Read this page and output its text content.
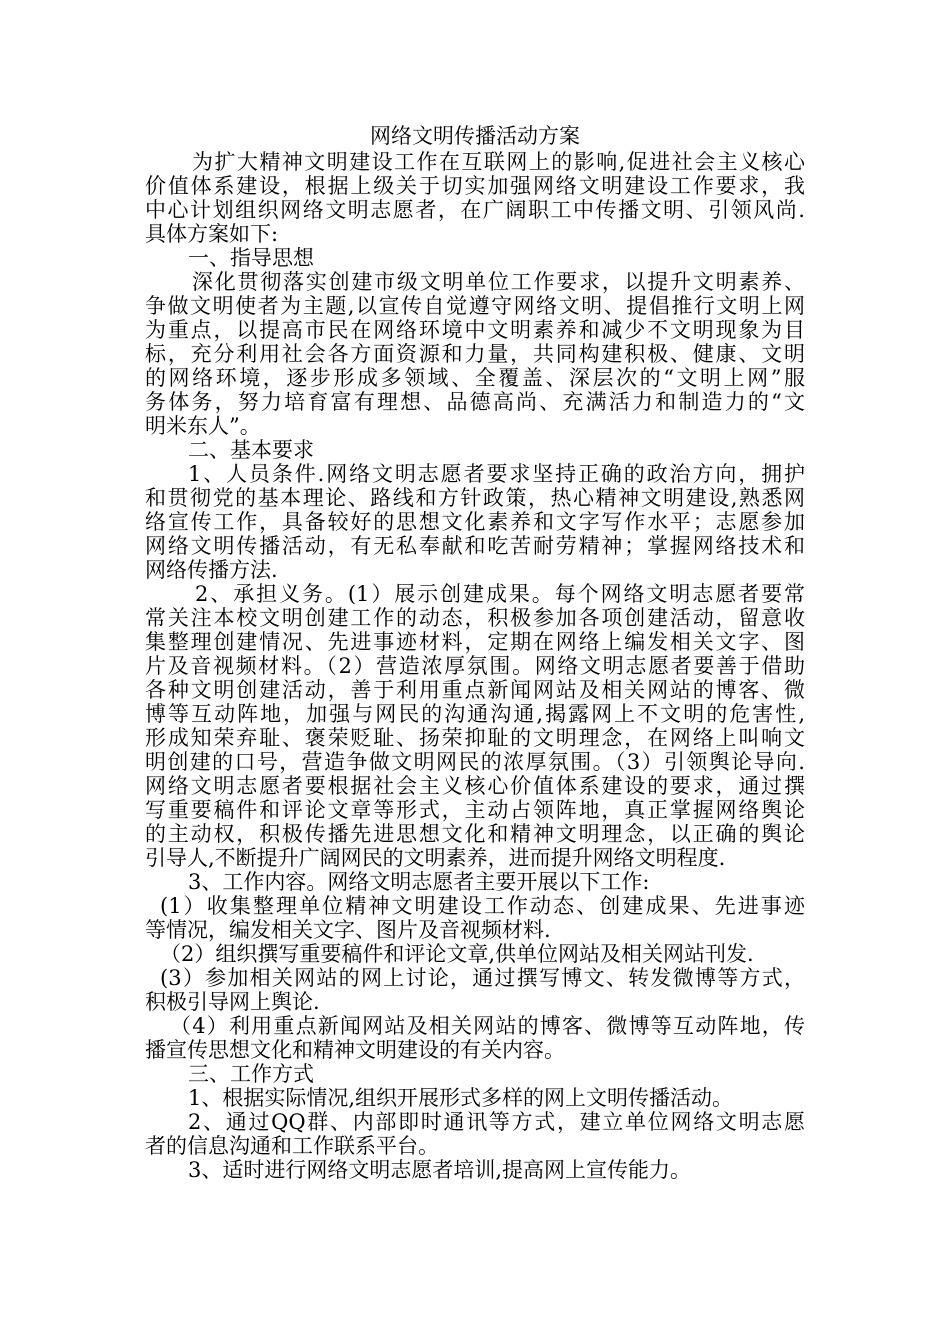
网络文明传播活动方案
为扩大精神文明建设工作在互联网上的影响,促进社会主义核心
价值体系建设，根据上级关于切实加强网络文明建设工作要求，我
中心计划组织网络文明志愿者，在广阔职工中传播文明、引领风尚.
具体方案如下:
一、指导思想
深化贯彻落实创建市级文明单位工作要求，以提升文明素养、
争做文明使者为主题,以宣传自觉遵守网络文明、提倡推行文明上网
为重点，以提高市民在网络环境中文明素养和减少不文明现象为目
标，充分利用社会各方面资源和力量，共同构建积极、健康、文明
的网络环境，逐步形成多领域、全覆盖、深层次的“文明上网”服
务体务，努力培育富有理想、品德高尚、充满活力和制造力的“文
明米东人”。
二、基本要求
1、人员条件.网络文明志愿者要求坚持正确的政治方向，拥护
和贯彻党的基本理论、路线和方针政策，热心精神文明建设,熟悉网
络宣传工作，具备较好的思想文化素养和文字写作水平；志愿参加
网络文明传播活动，有无私奉献和吃苦耐劳精神；掌握网络技术和
网络传播方法.
2、承担义务。(1）展示创建成果。每个网络文明志愿者要常
常关注本校文明创建工作的动态，积极参加各项创建活动，留意收
集整理创建情况、先进事迹材料，定期在网络上编发相关文字、图
片及音视频材料。（2）营造浓厚氛围。网络文明志愿者要善于借助
各种文明创建活动，善于利用重点新闻网站及相关网站的博客、微
博等互动阵地，加强与网民的沟通沟通,揭露网上不文明的危害性,
形成知荣弃耻、褒荣贬耻、扬荣抑耻的文明理念，在网络上叫响文
明创建的口号，营造争做文明网民的浓厚氛围。（3）引领舆论导向.
网络文明志愿者要根据社会主义核心价值体系建设的要求，通过撰
写重要稿件和评论文章等形式，主动占领阵地，真正掌握网络舆论
的主动权，积极传播先进思想文化和精神文明理念，以正确的舆论
引导人,不断提升广阔网民的文明素养，进而提升网络文明程度.
3、工作内容。网络文明志愿者主要开展以下工作:
(1）收集整理单位精神文明建设工作动态、创建成果、先进事迹
等情况，编发相关文字、图片及音视频材料.
（2）组织撰写重要稿件和评论文章,供单位网站及相关网站刊发.
(3）参加相关网站的网上讨论，通过撰写博文、转发微博等方式，
积极引导网上舆论.
（4）利用重点新闻网站及相关网站的博客、微博等互动阵地，传
播宣传思想文化和精神文明建设的有关内容。
三、工作方式
1、根据实际情况,组织开展形式多样的网上文明传播活动。
2、通过QQ群、内部即时通讯等方式，建立单位网络文明志愿
者的信息沟通和工作联系平台。
3、适时进行网络文明志愿者培训,提高网上宣传能力。
